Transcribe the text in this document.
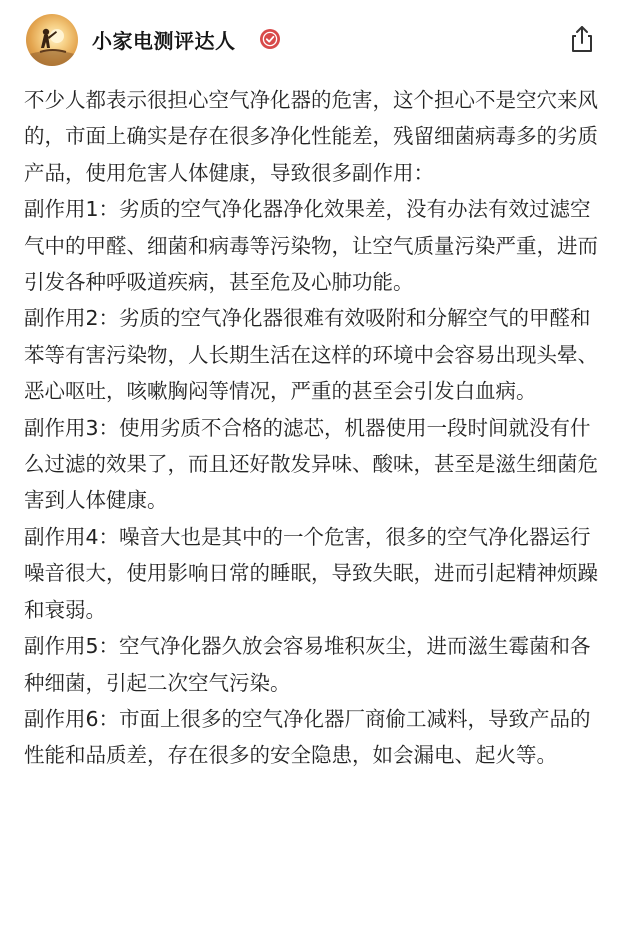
小家电测评达人

不少人都表示很担心空气净化器的危害，这个担心不是空穴来风的，市面上确实是存在很多净化性能差，残留细菌病毒多的劣质产品，使用危害人体健康，导致很多副作用：

副作用1：劣质的空气净化器净化效果差，没有办法有效过滤空气中的甲醛、细菌和病毒等污染物，让空气质量污染严重，进而引发各种呼吸道疾病，甚至危及心肺功能。

副作用2：劣质的空气净化器很难有效吸附和分解空气的甲醛和苯等有害污染物，人长期生活在这样的环境中会容易出现头晕、恶心呕吐，咳嗽胸闷等情况，严重的甚至会引发白血病。

副作用3：使用劣质不合格的滤芯，机器使用一段时间就没有什么过滤的效果了，而且还好散发异味、酸味，甚至是滋生细菌危害到人体健康。

副作用4：噪音大也是其中的一个危害，很多的空气净化器运行噪音很大，使用影响日常的睡眠，导致失眠，进而引起精神烦躁和衰弱。

副作用5：空气净化器久放会容易堆积灰尘，进而滋生霉菌和各种细菌，引起二次空气污染。

副作用6：市面上很多的空气净化器厂商偷工减料，导致产品的性能和品质差，存在很多的安全隐患，如会漏电、起火等。
